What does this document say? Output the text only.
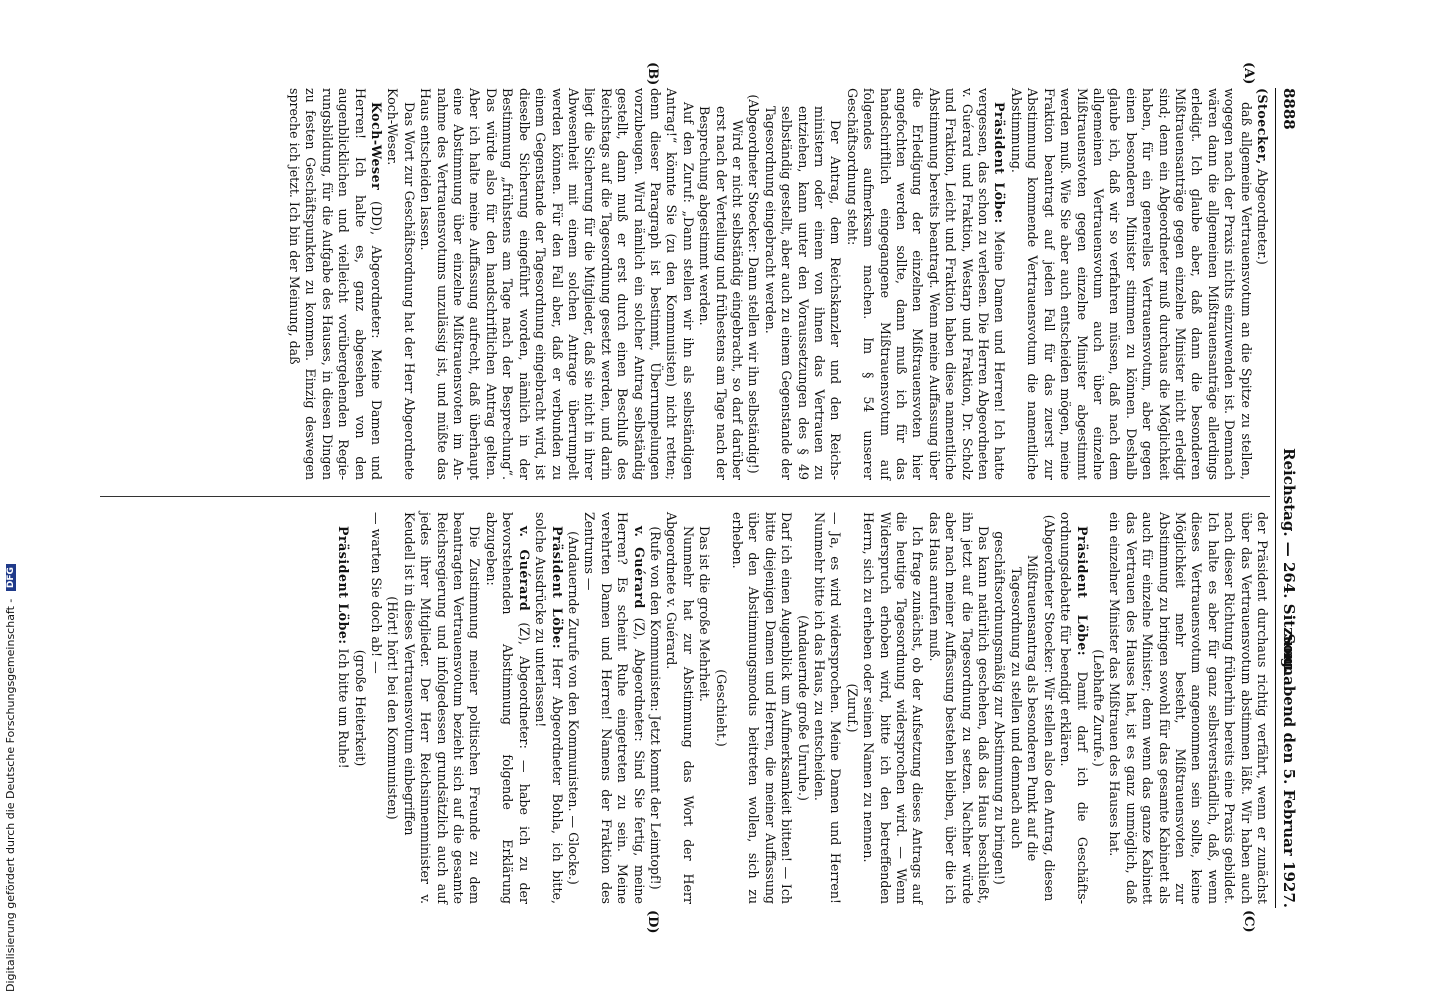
8888
Reichstag. — 264. Sitzung.
Sonnabend den 5. Februar 1927.
(A)
(B)
(C)
(D)

(Stoecker, Abgeordneter.)

daß allgemeine Vertrauensvotum an die Spitze zu stellen, wogegen nach der Praxis nichts einzuwenden ist. Demnach wären dann die allgemeinen Mißtrauensanträge allerdings erledigt. Ich glaube aber, daß dann die besonderen Mißtrauensanträge gegen einzelne Minister nicht erledigt sind; denn ein Abgeordneter muß durchaus die Möglichkeit haben, für ein generelles Vertrauensvotum, aber gegen einen besonderen Minister stimmen zu können. Deshalb glaube ich, daß wir so verfahren müssen, daß nach dem allgemeinen Vertrauensvotum auch über einzelne Mißtrauensvoten gegen einzelne Minister abgestimmt werden muß. Wie Sie aber auch entscheiden mögen, meine Fraktion beantragt auf jeden Fall für das zuerst zur Abstimmung kommende Vertrauensvotum die namentliche Abstimmung.

Präsident Löbe: Meine Damen und Herren! Ich hatte vergessen, das schon zu verlesen. Die Herren Abgeordneten v. Guérard und Fraktion, Westarp und Fraktion, Dr. Scholz und Fraktion, Leicht und Fraktion haben diese namentliche Abstimmung bereits beantragt. Wenn meine Auffassung über die Erledigung der einzelnen Mißtrauensvoten hier angefochten werden sollte, dann muß ich für das handschriftlich eingegangene Mißtrauensvotum auf folgendes aufmerksam machen. Im § 54 unserer Geschäftsordnung steht:

Der Antrag, dem Reichskanzler und den Reichsministern oder einem von ihnen das Vertrauen zu entziehen, kann unter den Voraussetzungen des § 49 selbständig gestellt, aber auch zu einem Gegenstande der Tagesordnung eingebracht werden.

(Abgeordneter Stoecker: Dann stellen wir ihn selbständig!)

Wird er nicht selbständig eingebracht, so darf darüber erst nach der Verteilung und frühestens am Tage nach der Besprechung abgestimmt werden.

Auf den Zuruf: „Dann stellen wir ihn als selbständigen Antrag!“ könnte Sie (zu den Kommunisten) nicht retten; denn dieser Paragraph ist bestimmt, Überrumpelungen vorzubeugen. Wird nämlich ein solcher Antrag selbständig gestellt, dann muß er erst durch einen Beschluß des Reichstags auf die Tagesordnung gesetzt werden, und darin liegt die Sicherung für die Mitglieder, daß sie nicht in ihrer Abwesenheit mit einem solchen Antrage überrumpelt werden können. Für den Fall aber, daß er verbunden zu einem Gegenstande der Tagesordnung eingebracht wird, ist dieselbe Sicherung eingeführt worden, nämlich in der Bestimmung „frühstens am Tage nach der Besprechung“. Das würde also für den handschriftlichen Antrag gelten. Aber ich halte meine Auffassung aufrecht, daß überhaupt eine Abstimmung über einzelne Mißtrauensvoten im Annahme des Vertrauensvotums unzulässig ist, und müßte das Haus entscheiden lassen.

Das Wort zur Geschäftsordnung hat der Herr Abgeordnete Koch-Weser.

Koch-Weser (DD), Abgeordneter: Meine Damen und Herren! Ich halte es, ganz abgesehen von den augenblicklichen und vielleicht vorübergehenden Regierungsbildung, für die Aufgabe des Hauses, in diesen Dingen zu festen Geschäftspunkten zu kommen. Einzig deswegen spreche ich jetzt. Ich bin der Meinung, daß

der Präsident durchaus richtig verfährt, wenn er zunächst über das Vertrauensvotum abstimmen läßt. Wir haben auch nach dieser Richtung früherhin bereits eine Praxis gebildet. Ich halte es aber für ganz selbstverständlich, daß, wenn dieses Vertrauensvotum angenommen sein sollte, keine Möglichkeit mehr besteht, Mißtrauensvoten zur Abstimmung zu bringen sowohl für das gesamte Kabinett als auch für einzelne Minister; denn wenn das ganze Kabinett das Vertrauen des Hauses hat, ist es ganz unmöglich, daß ein einzelner Minister das Mißtrauen des Hauses hat.

(Lebhafte Zurufe.)

Präsident Löbe: Damit darf ich die Geschäftsordnungsdebatte für beendigt erklären.

(Abgeordneter Stoecker: Wir stellen also den Antrag, diesen Mißtrauensantrag als besonderen Punkt auf die Tagesordnung zu stellen und demnach auch geschäftsordnungsmäßig zur Abstimmung zu bringen!)

Das kann natürlich geschehen, daß das Haus beschließt, ihn jetzt auf die Tagesordnung zu setzen. Nachher würde aber nach meiner Auffassung bestehen bleiben, über die ich das Haus anrufen muß.

Ich frage zunächst, ob der Aufsetzung dieses Antrags auf die heutige Tagesordnung widersprochen wird. — Wenn Widerspruch erhoben wird, bitte ich den betreffenden Herrn, sich zu erheben oder seinen Namen zu nennen.

(Zuruf.)

— Ja, es wird widersprochen. Meine Damen und Herren! Nunmehr bitte ich das Haus, zu entscheiden.

(Andauernde große Unruhe.)

Darf ich einen Augenblick um Aufmerksamkeit bitten! — Ich bitte diejenigen Damen und Herren, die meiner Auffassung über den Abstimmungsmodus beitreten wollen, sich zu erheben.

(Geschieht.)

Das ist die große Mehrheit.

Nunmehr hat zur Abstimmung das Wort der Herr Abgeordnete v. Guérard.

(Rufe von den Kommunisten: Jetzt kommt der Leimtopf!)

v. Guérard (Z), Abgeordneter: Sind Sie fertig, meine Herren? Es scheint Ruhe eingetreten zu sein. Meine verehrten Damen und Herren! Namens der Fraktion des Zentrums —

(Andauernde Zurufe von den Kommunisten. — Glocke.)

Präsident Löbe: Herr Abgeordneter Bohla, ich bitte, solche Ausdrücke zu unterlassen!

v. Guérard (Z), Abgeordneter: — habe ich zu der bevorstehenden Abstimmung folgende Erklärung abzugeben:

Die Zustimmung meiner politischen Freunde zu dem beantragten Vertrauensvotum bezieht sich auf die gesamte Reichsregierung und infolgedessen grundsätzlich auch auf jedes ihrer Mitglieder. Der Herr Reichsinnenminister v. Keudell ist in dieses Vertrauensvotum einbegriffen

(Hört! hört! bei den Kommunisten)

— warten Sie doch ab! —

(große Heiterkeit)

Präsident Löbe: Ich bitte um Ruhe!

Digitalisierung gefördert durch die Deutsche Forschungsgemeinschaft - DFG
